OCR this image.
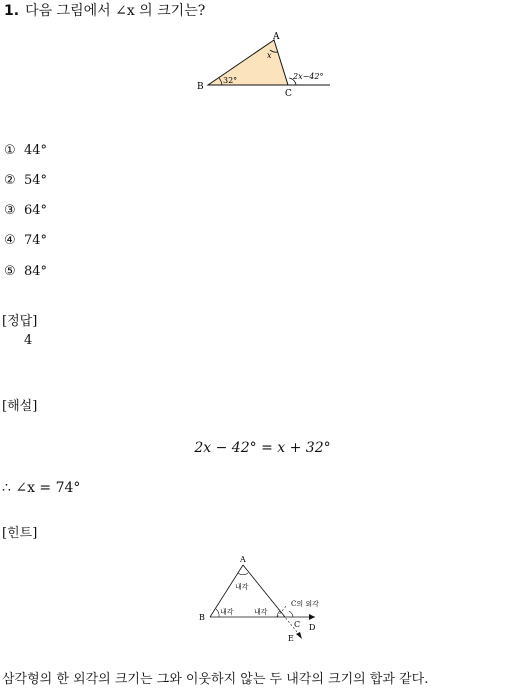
1. 다음 그림에서 ∠x 의 크기는?
A
B
C
x
32°	2x−42°
① 44°
② 54°
③ 64°
④ 74°
⑤ 84°
[정답]
4
[해설]
2x − 42° = x + 32°
∴ ∠x = 74°
[힌트]
A
B
C D
E
내각
내각	내각
C의 외각
삼각형의 한 외각의 크기는 그와 이웃하지 않는 두 내각의 크기의 합과 같다.
